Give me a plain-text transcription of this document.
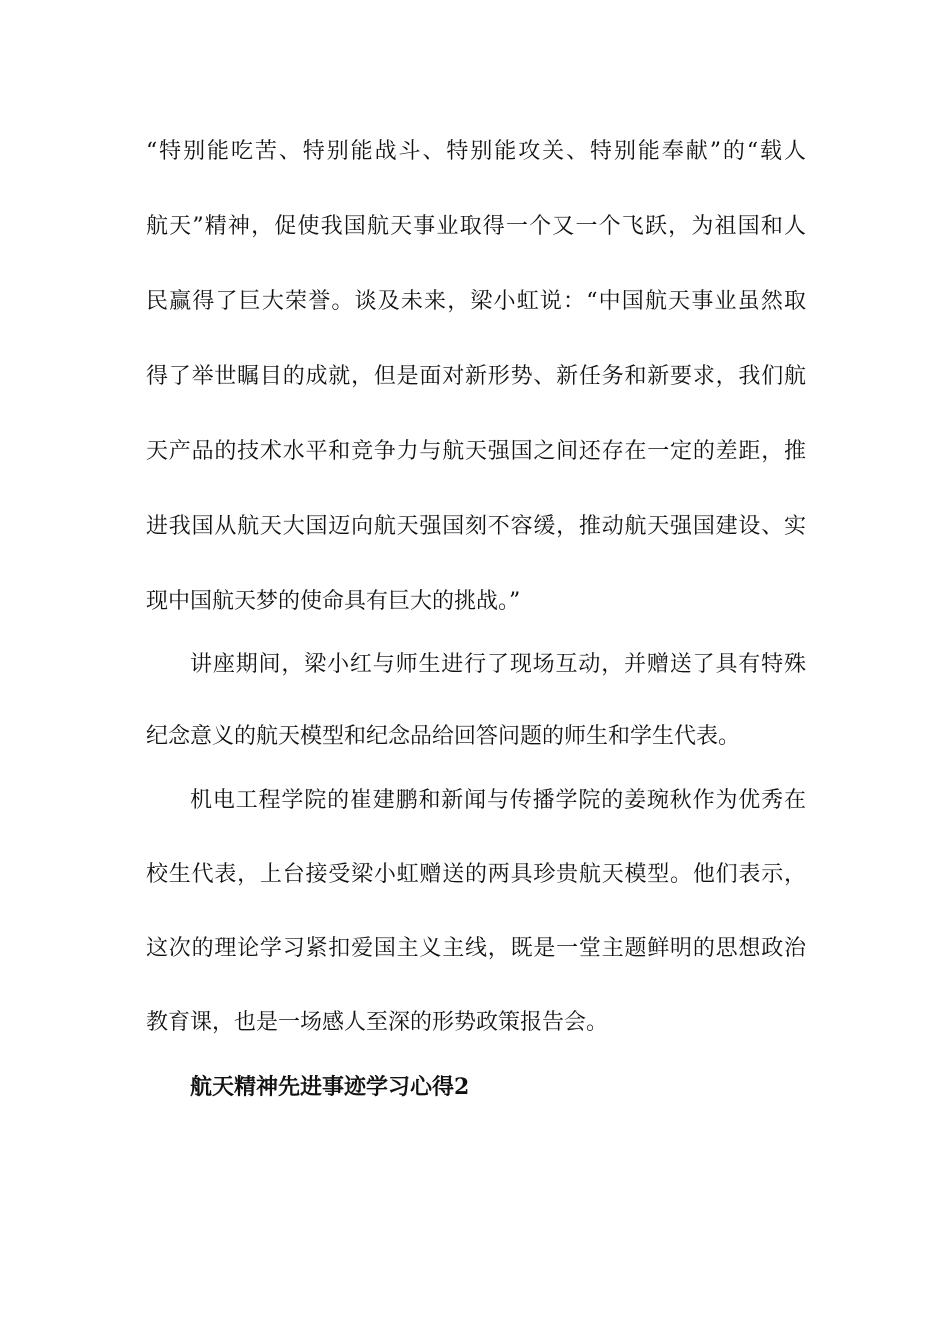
“特别能吃苦、特别能战斗、特别能攻关、特别能奉献”的“载人
航天”精神，促使我国航天事业取得一个又一个飞跃，为祖国和人
民赢得了巨大荣誉。谈及未来，梁小虹说：“中国航天事业虽然取
得了举世瞩目的成就，但是面对新形势、新任务和新要求，我们航
天产品的技术水平和竞争力与航天强国之间还存在一定的差距，推
进我国从航天大国迈向航天强国刻不容缓，推动航天强国建设、实
现中国航天梦的使命具有巨大的挑战。”
讲座期间，梁小红与师生进行了现场互动，并赠送了具有特殊
纪念意义的航天模型和纪念品给回答问题的师生和学生代表。
机电工程学院的崔建鹏和新闻与传播学院的姜琬秋作为优秀在
校生代表，上台接受梁小虹赠送的两具珍贵航天模型。他们表示，
这次的理论学习紧扣爱国主义主线，既是一堂主题鲜明的思想政治
教育课，也是一场感人至深的形势政策报告会。
航天精神先进事迹学习心得2
